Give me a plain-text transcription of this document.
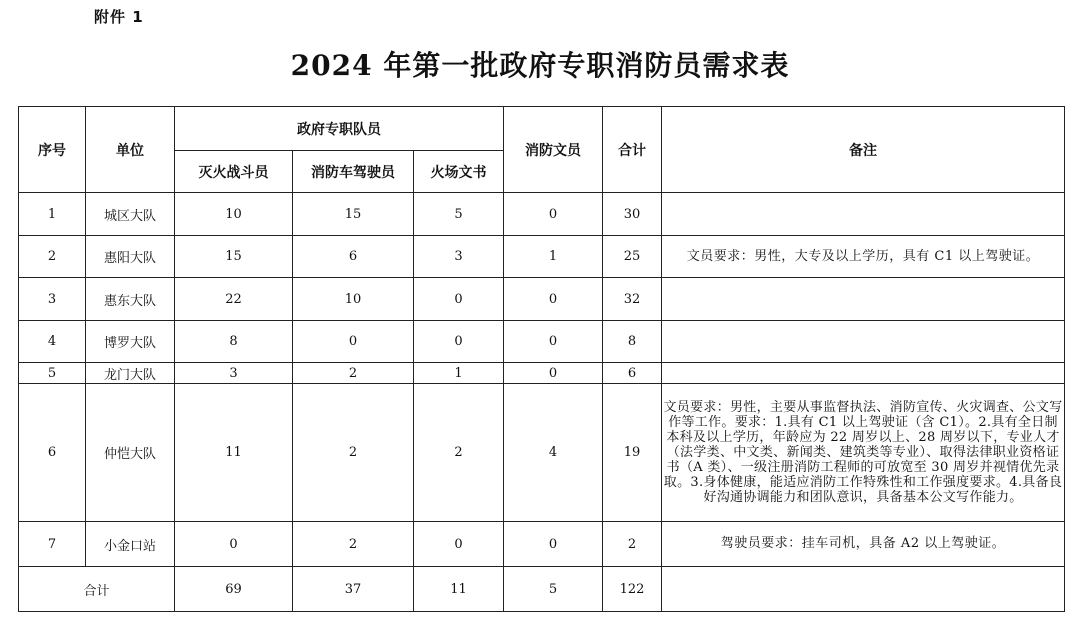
附件 1
2024 年第一批政府专职消防员需求表
序号	单位	政府专职队员			消防文员	合计	备注
		灭火战斗员	消防车驾驶员	火场文书			
1	城区大队	10	15	5	0	30	
2	惠阳大队	15	6	3	1	25	文员要求：男性，大专及以上学历，具有 C1 以上驾驶证。
3	惠东大队	22	10	0	0	32	
4	博罗大队	8	0	0	0	8	
5	龙门大队	3	2	1	0	6	
6	仲恺大队	11	2	2	4	19	文员要求：男性，主要从事监督执法、消防宣传、火灾调查、公文写作等工作。要求：1.具有 C1 以上驾驶证（含 C1）。2.具有全日制本科及以上学历，年龄应为 22 周岁以上、28 周岁以下，专业人才（法学类、中文类、新闻类、建筑类等专业）、取得法律职业资格证书（A 类）、一级注册消防工程师的可放宽至 30 周岁并视情优先录取。3.身体健康，能适应消防工作特殊性和工作强度要求。4.具备良好沟通协调能力和团队意识，具备基本公文写作能力。
7	小金口站	0	2	0	0	2	驾驶员要求：挂车司机，具备 A2 以上驾驶证。
合计		69	37	11	5	122	
